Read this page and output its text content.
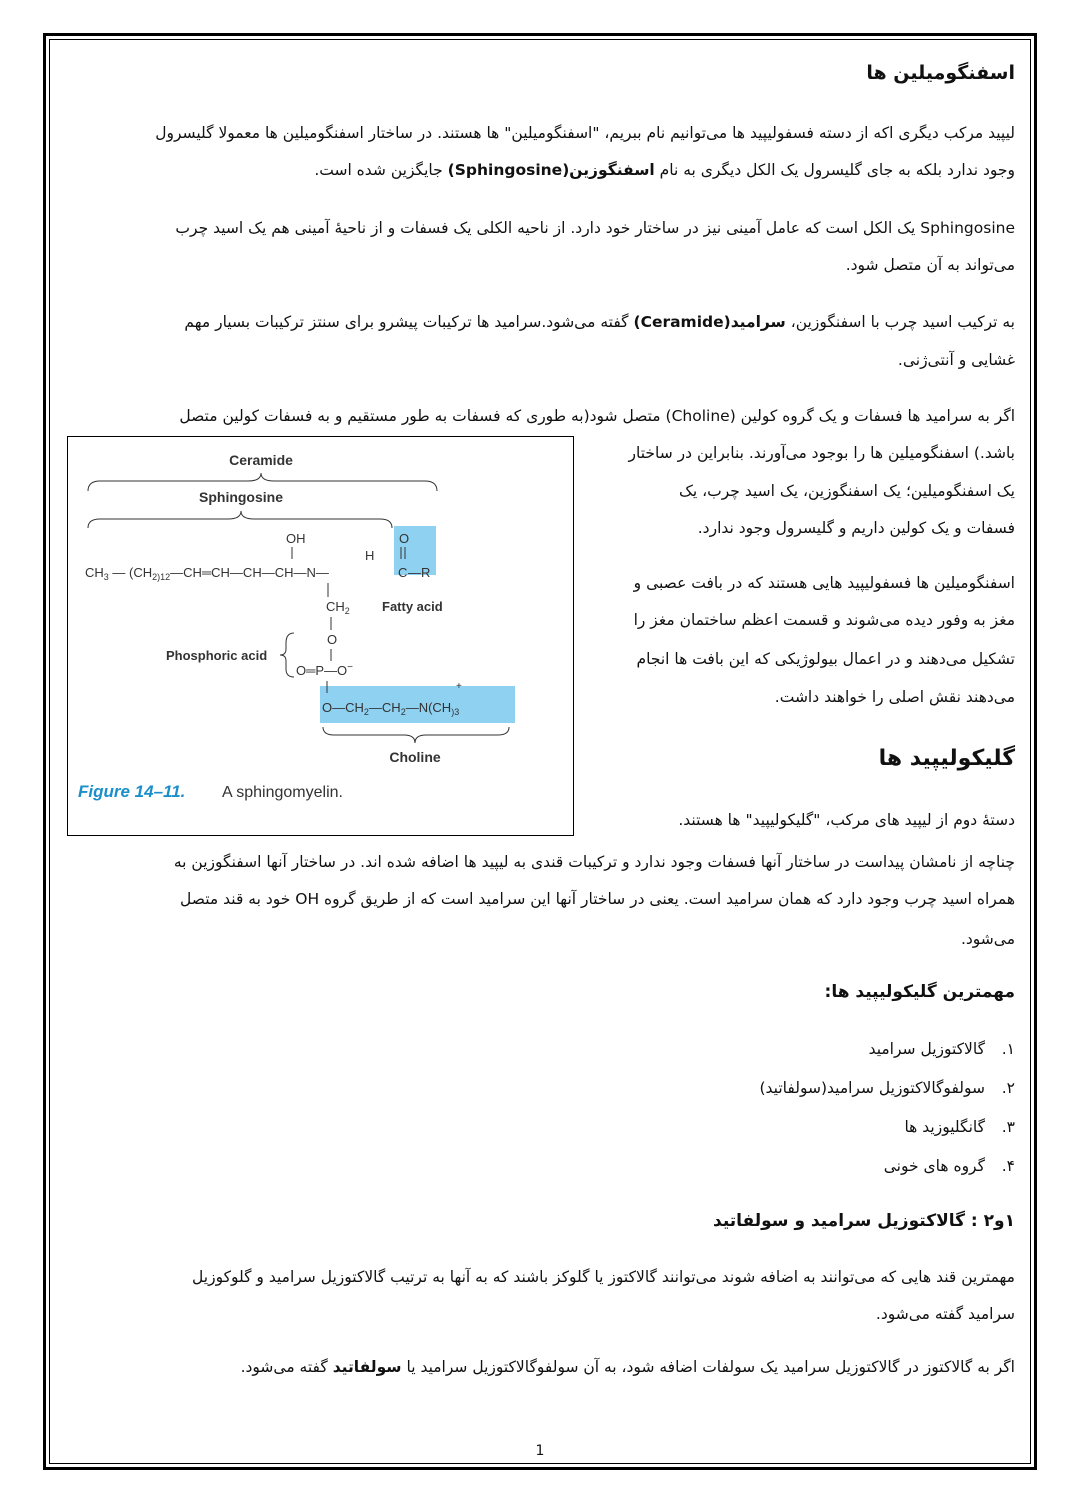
اسفنگومیلین ها
لیپید مرکب دیگری اکه از دسته فسفولیپید ها می‌توانیم نام ببریم، "اسفنگومیلین" ها هستند. در ساختار اسفنگومیلین ها معمولا گلیسرول
وجود ندارد بلکه به جای گلیسرول یک الکل دیگری به نام اسفنگوزین(Sphingosine) جایگزین شده است.
Sphingosine یک الکل است که عامل آمینی نیز در ساختار خود دارد. از ناحیه الکلی یک فسفات و از ناحیهٔ آمینی هم یک اسید چرب
می‌تواند به آن متصل شود.
به ترکیب اسید چرب با اسفنگوزین، سرامید(Ceramide) گفته می‌شود.سرامید ها ترکیبات پیشرو برای سنتز ترکیبات بسیار مهم
غشایی و آنتی‌ژنی.
اگر به سرامید ها فسفات و یک گروه کولین (Choline) متصل شود(به طوری که فسفات به طور مستقیم و به فسفات کولین متصل
باشد.) اسفنگومیلین ها را بوجود می‌آورند. بنابراین در ساختار
یک اسفنگومیلین؛ یک اسفنگوزین، یک اسید چرب، یک
فسفات و یک کولین داریم و گلیسرول وجود ندارد.
اسفنگومیلین ها فسفولیپید هایی هستند که در بافت عصبی و
مغز به وفور دیده می‌شوند و قسمت اعظم ساختمان مغز را
تشکیل می‌دهند و در اعمال بیولوژیکی که این بافت ها انجام
می‌دهند نقش اصلی را خواهند داشت.
Ceramide
Sphingosine
OH
H
O
$CH_3$ — $(CH_2)12—CH═CH—CH—CH—N—$	C —R
Fatty acid
$CH_2$
O
Phosphoric acid
O═P—O−
+
$O—CH_2—CH_2—N(CH_{)3}$
Choline
Figure 14–11. A sphingomyelin.
گلیکولیپید ها
دستهٔ دوم از لیپید های مرکب، "گلیکولیپید" ها هستند.
چناچه از نامشان پیداست در ساختار آنها فسفات وجود ندارد و ترکیبات قندی به لیپید ها اضافه شده اند. در ساختار آنها اسفنگوزین به
همراه اسید چرب وجود دارد که همان سرامید است. یعنی در ساختار آنها این سرامید است که از طریق گروه OH خود به قند متصل
می‌شود.
مهمترین گلیکولیپید ها:
۱.گالاکتوزیل سرامید
۲.سولفوگالاکتوزیل سرامید(سولفاتید)
۳.گانگلیوزید ها
۴.گروه های خونی
۱و۲ : گالاکتوزیل سرامید و سولفاتید
مهمترین قند هایی که می‌توانند به اضافه شوند می‌توانند گالاکتوز یا گلوکز باشند که به آنها به ترتیب گالاکتوزیل سرامید و گلوکوزیل
سرامید گفته می‌شود.
اگر به گالاکتوز در گالاکتوزیل سرامید یک سولفات اضافه شود، به آن سولفوگالاکتوزیل سرامید یا سولفاتید گفته می‌شود.
1
